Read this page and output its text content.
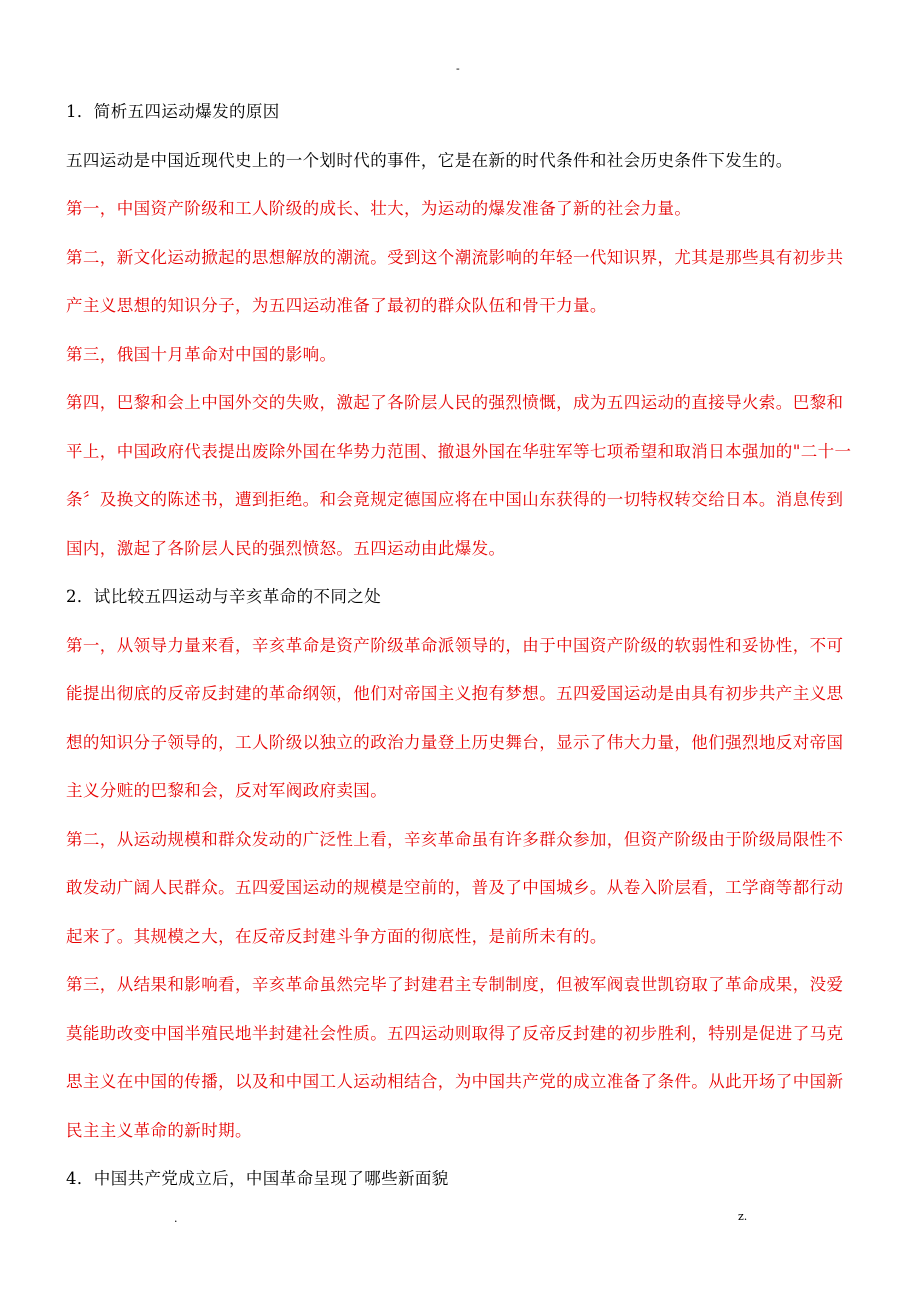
-

1．简析五四运动爆发的原因

五四运动是中国近现代史上的一个划时代的事件，它是在新的时代条件和社会历史条件下发生的。

第一，中国资产阶级和工人阶级的成长、壮大，为运动的爆发准备了新的社会力量。

第二，新文化运动掀起的思想解放的潮流。受到这个潮流影响的年轻一代知识界，尤其是那些具有初步共产主义思想的知识分子，为五四运动准备了最初的群众队伍和骨干力量。

第三，俄国十月革命对中国的影响。

第四，巴黎和会上中国外交的失败，激起了各阶层人民的强烈愤慨，成为五四运动的直接导火索。巴黎和平上，中国政府代表提出废除外国在华势力范围、撤退外国在华驻军等七项希望和取消日本强加的"二十一条〞及换文的陈述书，遭到拒绝。和会竟规定德国应将在中国山东获得的一切特权转交给日本。消息传到国内，激起了各阶层人民的强烈愤怒。五四运动由此爆发。

2．试比较五四运动与辛亥革命的不同之处

第一，从领导力量来看，辛亥革命是资产阶级革命派领导的，由于中国资产阶级的软弱性和妥协性，不可能提出彻底的反帝反封建的革命纲领，他们对帝国主义抱有梦想。五四爱国运动是由具有初步共产主义思想的知识分子领导的，工人阶级以独立的政治力量登上历史舞台，显示了伟大力量，他们强烈地反对帝国主义分赃的巴黎和会，反对军阀政府卖国。

第二，从运动规模和群众发动的广泛性上看，辛亥革命虽有许多群众参加，但资产阶级由于阶级局限性不敢发动广阔人民群众。五四爱国运动的规模是空前的，普及了中国城乡。从卷入阶层看，工学商等都行动起来了。其规模之大，在反帝反封建斗争方面的彻底性，是前所未有的。

第三，从结果和影响看，辛亥革命虽然完毕了封建君主专制制度，但被军阀袁世凯窃取了革命成果，没爱莫能助改变中国半殖民地半封建社会性质。五四运动则取得了反帝反封建的初步胜利，特别是促进了马克思主义在中国的传播，以及和中国工人运动相结合，为中国共产党的成立准备了条件。从此开场了中国新民主主义革命的新时期。

4．中国共产党成立后，中国革命呈现了哪些新面貌

.	z.
